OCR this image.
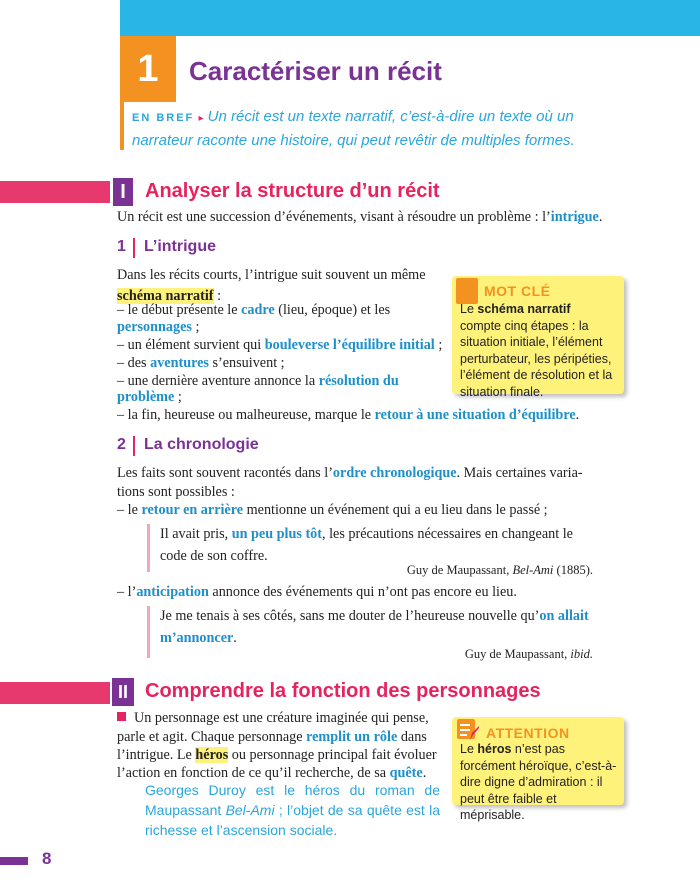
1	Caractériser un récit
EN BREF ▸ Un récit est un texte narratif, c’est-à-dire un texte où un narrateur raconte une histoire, qui peut revêtir de multiples formes.
I Analyser la structure d’un récit
Un récit est une succession d’événements, visant à résoudre un problème : l’intrigue.
1 L’intrigue
Dans les récits courts, l’intrigue suit souvent un même
schéma narratif :
– le début présente le cadre (lieu, époque) et les
personnages ;
– un élément survient qui bouleverse l’équilibre initial ;
– des aventures s’ensuivent ;
– une dernière aventure annonce la résolution du
problème ;
– la fin, heureuse ou malheureuse, marque le retour à une situation d’équilibre.
MOT CLÉ
Le schéma narratif
compte cinq étapes : la situation initiale, l’élément perturbateur, les péripéties, l’élément de résolution et la situation finale.
2 La chronologie
Les faits sont souvent racontés dans l’ordre chronologique. Mais certaines varia-
tions sont possibles :
– le retour en arrière mentionne un événement qui a eu lieu dans le passé ;
Il avait pris, un peu plus tôt, les précautions nécessaires en changeant le
code de son coffre.
Guy de Maupassant, Bel-Ami (1885).
– l’anticipation annonce des événements qui n’ont pas encore eu lieu.
Je me tenais à ses côtés, sans me douter de l’heureuse nouvelle qu’on allait
m’annoncer.
Guy de Maupassant, ibid.
II Comprendre la fonction des personnages
Un personnage est une créature imaginée qui pense,
parle et agit. Chaque personnage remplit un rôle dans
l’intrigue. Le héros ou personnage principal fait évoluer
l’action en fonction de ce qu’il recherche, de sa quête.
Georges Duroy est le héros du roman de Maupassant Bel-Ami ; l’objet de sa quête est la richesse et l’ascension sociale.
ATTENTION
Le héros n’est pas forcément héroïque, c’est-à-dire digne d’admiration : il peut être faible et méprisable.
8
